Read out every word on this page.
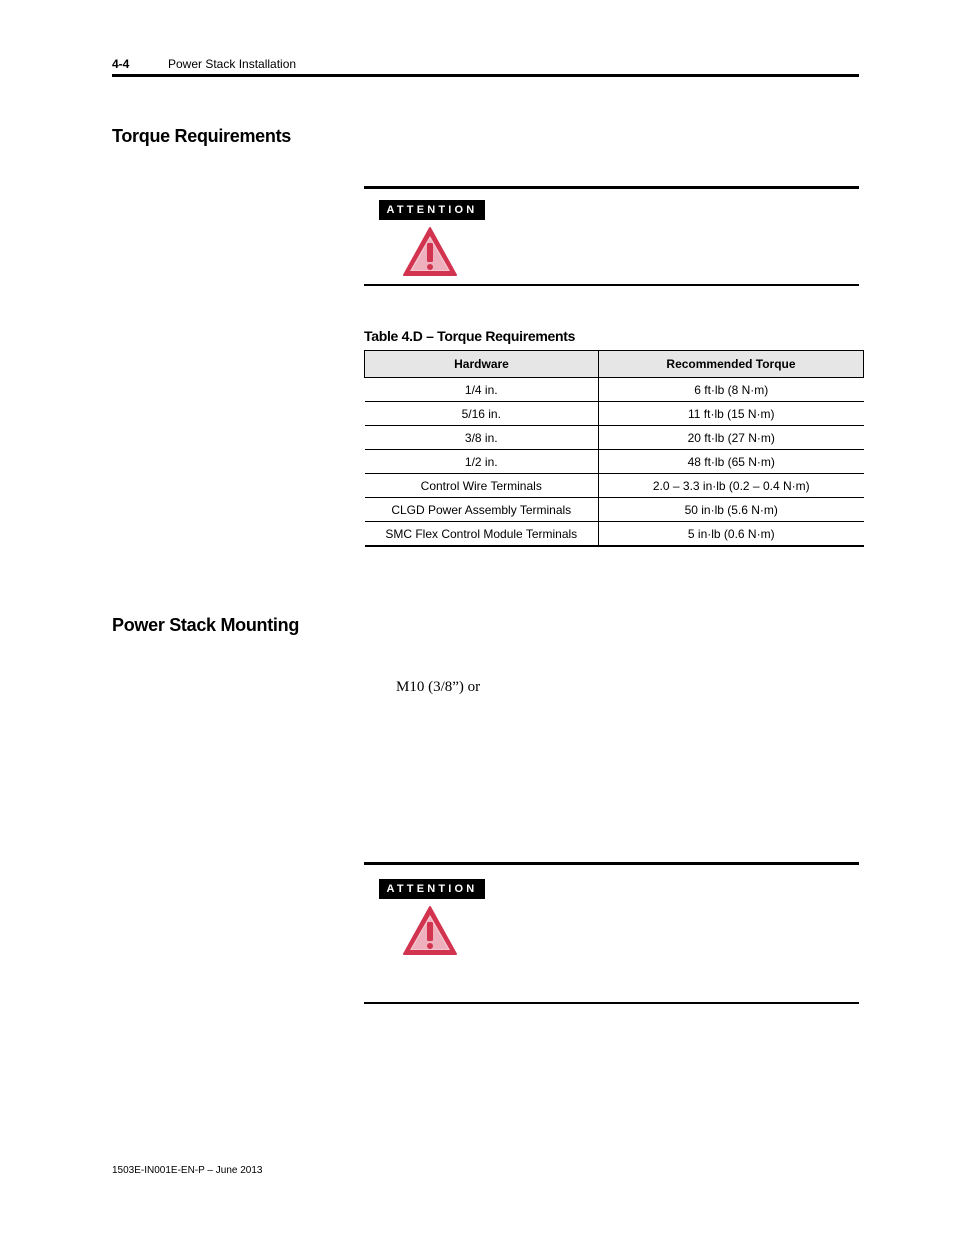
4-4	Power Stack Installation
Torque Requirements
ATTENTION
Table 4.D – Torque Requirements
Hardware	Recommended Torque
1/4 in.	6 ft·lb (8 N·m)
5/16 in.	11 ft·lb (15 N·m)
3/8 in.	20 ft·lb (27 N·m)
1/2 in.	48 ft·lb (65 N·m)
Control Wire Terminals	2.0 – 3.3 in·lb (0.2 – 0.4 N·m)
CLGD Power Assembly Terminals	50 in·lb (5.6 N·m)
SMC Flex Control Module Terminals	5 in·lb (0.6 N·m)
Power Stack Mounting
M10 (3/8”) or
ATTENTION
1503E-IN001E-EN-P – June 2013
